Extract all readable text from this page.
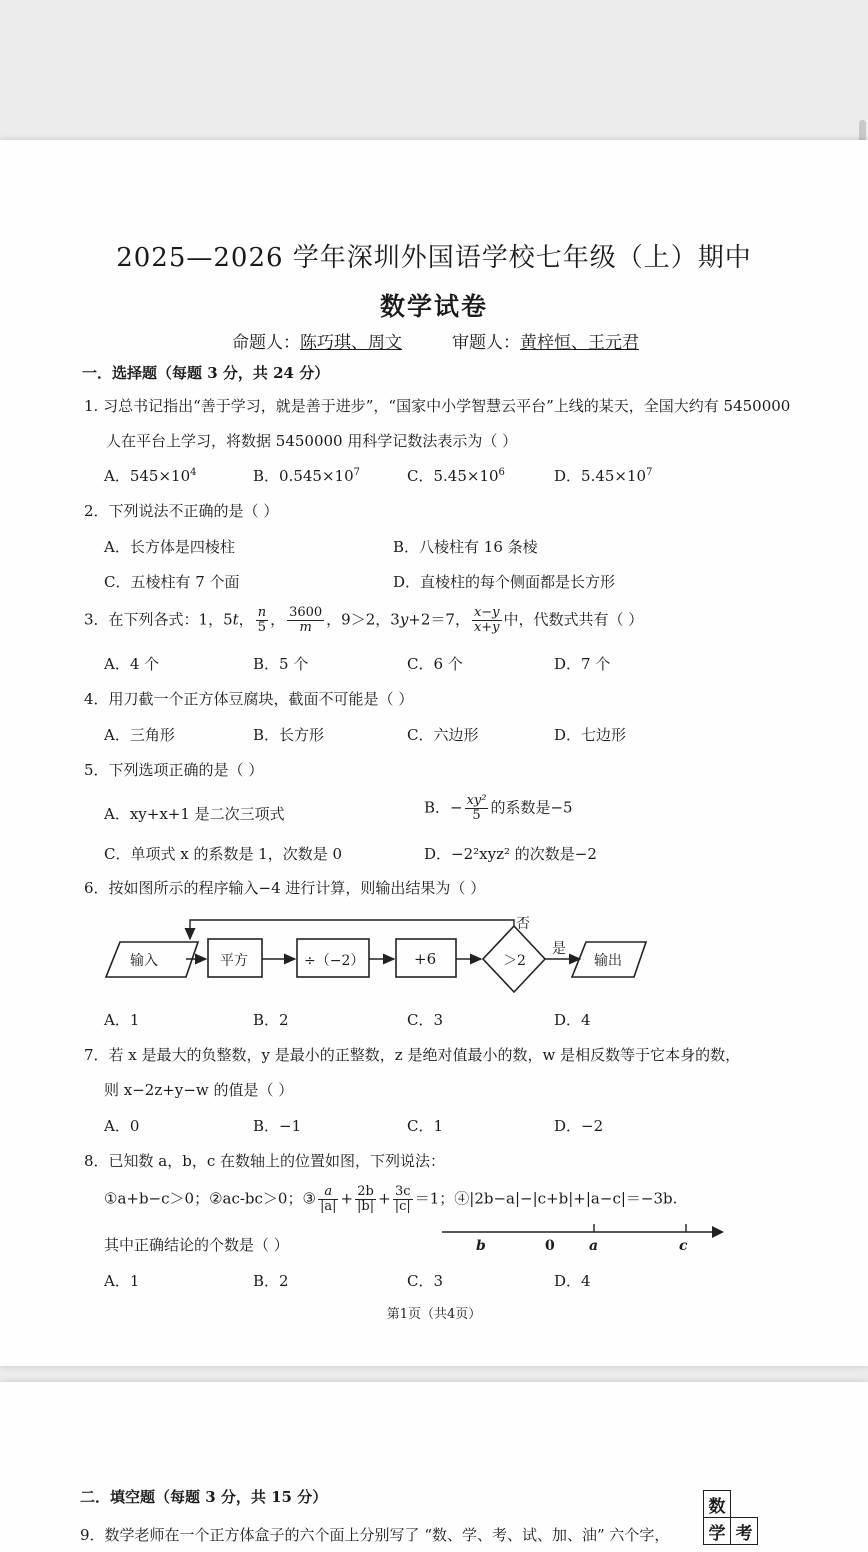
2025—2026 学年深圳外国语学校七年级（上）期中
数学试卷
命题人：陈巧琪、周文	审题人：黄梓恒、王元君
一．选择题（每题 3 分，共 24 分）
1. 习总书记指出“善于学习，就是善于进步”，“国家中小学智慧云平台”上线的某天，全国大约有 5450000
人在平台上学习，将数据 5450000 用科学记数法表示为（ ）
A．$545\times 10^4$	B．$0.545\times 10^7$	C．$5.45\times 10^6$	D．$5.45\times 10^7$
2．下列说法不正确的是（ ）
A．长方体是四棱柱	B．八棱柱有 16 条棱
C．五棱柱有 7 个面	D．直棱柱的每个侧面都是长方形
3．在下列各式：1，5t， $\frac{n}{5}$ ， $\frac{3600}{m}$ ，9＞2，3y+2＝7， $\frac{x-y}{x+y}$ 中，代数式共有（ ）
A．4 个	B．5 个	C．6 个	D．7 个
4．用刀截一个正方体豆腐块，截面不可能是（ ）
A．三角形	B．长方形	C．六边形	D．七边形
5．下列选项正确的是（ ）
A．xy+x+1 是二次三项式	B．− $\frac{\text{xy²}}{5}$ 的系数是−5
C．单项式 x 的系数是 1，次数是 0	D．−2²xyz² 的次数是−2
6．按如图所示的程序输入−4 进行计算，则输出结果为（ ）
输入	平方	÷（−2）	+6	＞2
是
否
输出
A．1	B．2	C．3	D．4
7．若 x 是最大的负整数，y 是最小的正整数，z 是绝对值最小的数，w 是相反数等于它本身的数，
则 x−2z+y−w 的值是（ ）
A．0	B．−1	C．1	D．−2
8．已知数 a，b，c 在数轴上的位置如图，下列说法：
①a+b−c＞0；②ac-bc＞0；③ $\frac{a}{|a|} + \frac{2b}{|b|} + \frac{3c}{|c|} =1$；④|2b−a|−|c+b|+|a−c|＝−3b.
其中正确结论的个数是（ ）	b	0 a	c
A．1	B．2	C．3	D．4
第1页（共4页）
二．填空题（每题 3 分，共 15 分）
9．数学老师在一个正方体盒子的六个面上分别写了 “数、学、考、试、加、油” 六个字，
数	
学	考
